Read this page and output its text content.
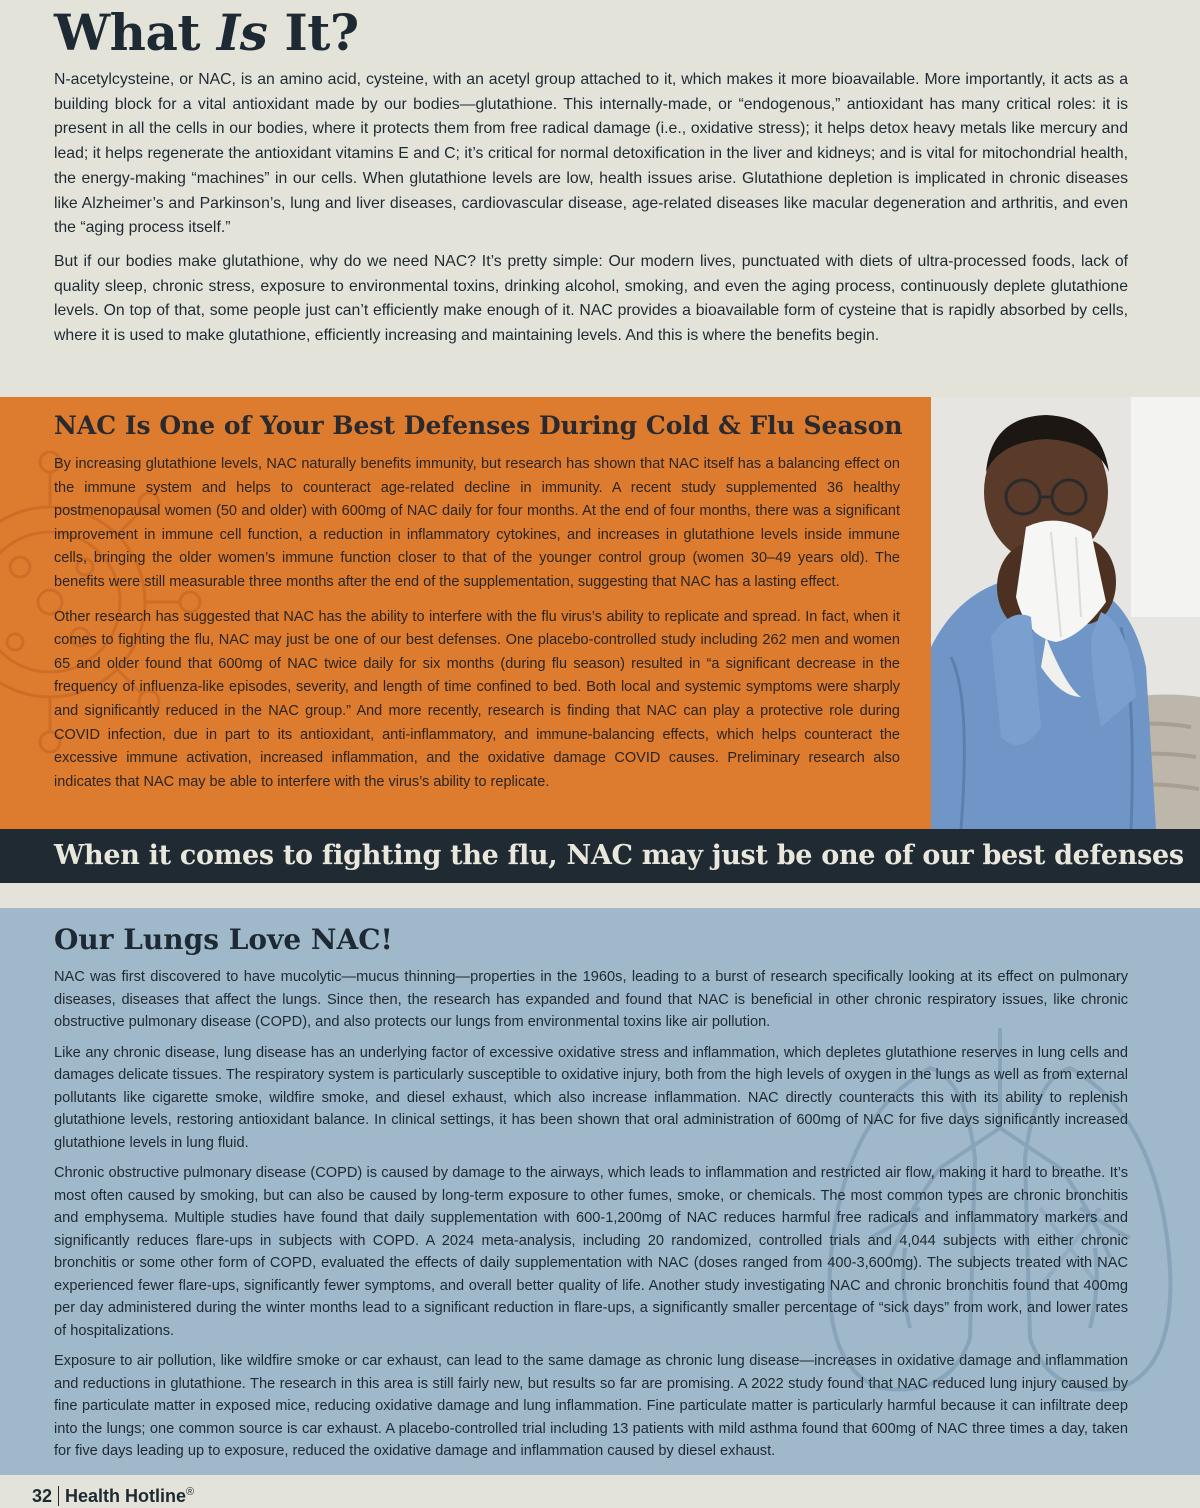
What Is It?

N-acetylcysteine, or NAC, is an amino acid, cysteine, with an acetyl group attached to it, which makes it more bioavailable. More importantly, it acts as a building block for a vital antioxidant made by our bodies—glutathione. This internally-made, or “endogenous,” antioxidant has many critical roles: it is present in all the cells in our bodies, where it protects them from free radical damage (i.e., oxidative stress); it helps detox heavy metals like mercury and lead; it helps regenerate the antioxidant vitamins E and C; it’s critical for normal detoxification in the liver and kidneys; and is vital for mitochondrial health, the energy-making “machines” in our cells. When glutathione levels are low, health issues arise. Glutathione depletion is implicated in chronic diseases like Alzheimer’s and Parkinson’s, lung and liver diseases, cardiovascular disease, age-related diseases like macular degeneration and arthritis, and even the “aging process itself.”

But if our bodies make glutathione, why do we need NAC? It’s pretty simple: Our modern lives, punctuated with diets of ultra-processed foods, lack of quality sleep, chronic stress, exposure to environmental toxins, drinking alcohol, smoking, and even the aging process, continuously deplete glutathione levels. On top of that, some people just can’t efficiently make enough of it. NAC provides a bioavailable form of cysteine that is rapidly absorbed by cells, where it is used to make glutathione, efficiently increasing and maintaining levels. And this is where the benefits begin.

NAC Is One of Your Best Defenses During Cold & Flu Season

By increasing glutathione levels, NAC naturally benefits immunity, but research has shown that NAC itself has a balancing effect on the immune system and helps to counteract age-related decline in immunity. A recent study supplemented 36 healthy postmenopausal women (50 and older) with 600mg of NAC daily for four months. At the end of four months, there was a significant improvement in immune cell function, a reduction in inflammatory cytokines, and increases in glutathione levels inside immune cells, bringing the older women’s immune function closer to that of the younger control group (women 30–49 years old). The benefits were still measurable three months after the end of the supplementation, suggesting that NAC has a lasting effect.

Other research has suggested that NAC has the ability to interfere with the flu virus’s ability to replicate and spread. In fact, when it comes to fighting the flu, NAC may just be one of our best defenses. One placebo-controlled study including 262 men and women 65 and older found that 600mg of NAC twice daily for six months (during flu season) resulted in “a significant decrease in the frequency of influenza-like episodes, severity, and length of time confined to bed. Both local and systemic symptoms were sharply and significantly reduced in the NAC group.” And more recently, research is finding that NAC can play a protective role during COVID infection, due in part to its antioxidant, anti-inflammatory, and immune-balancing effects, which helps counteract the excessive immune activation, increased inflammation, and the oxidative damage COVID causes. Preliminary research also indicates that NAC may be able to interfere with the virus’s ability to replicate.

When it comes to fighting the flu, NAC may just be one of our best defenses
Our Lungs Love NAC!

NAC was first discovered to have mucolytic—mucus thinning—properties in the 1960s, leading to a burst of research specifically looking at its effect on pulmonary diseases, diseases that affect the lungs. Since then, the research has expanded and found that NAC is beneficial in other chronic respiratory issues, like chronic obstructive pulmonary disease (COPD), and also protects our lungs from environmental toxins like air pollution.

Like any chronic disease, lung disease has an underlying factor of excessive oxidative stress and inflammation, which depletes glutathione reserves in lung cells and damages delicate tissues. The respiratory system is particularly susceptible to oxidative injury, both from the high levels of oxygen in the lungs as well as from external pollutants like cigarette smoke, wildfire smoke, and diesel exhaust, which also increase inflammation. NAC directly counteracts this with its ability to replenish glutathione levels, restoring antioxidant balance. In clinical settings, it has been shown that oral administration of 600mg of NAC for five days significantly increased glutathione levels in lung fluid.

Chronic obstructive pulmonary disease (COPD) is caused by damage to the airways, which leads to inflammation and restricted air flow, making it hard to breathe. It’s most often caused by smoking, but can also be caused by long-term exposure to other fumes, smoke, or chemicals. The most common types are chronic bronchitis and emphysema. Multiple studies have found that daily supplementation with 600-1,200mg of NAC reduces harmful free radicals and inflammatory markers and significantly reduces flare-ups in subjects with COPD. A 2024 meta-analysis, including 20 randomized, controlled trials and 4,044 subjects with either chronic bronchitis or some other form of COPD, evaluated the effects of daily supplementation with NAC (doses ranged from 400-3,600mg). The subjects treated with NAC experienced fewer flare-ups, significantly fewer symptoms, and overall better quality of life. Another study investigating NAC and chronic bronchitis found that 400mg per day administered during the winter months lead to a significant reduction in flare-ups, a significantly smaller percentage of “sick days” from work, and lower rates of hospitalizations.

Exposure to air pollution, like wildfire smoke or car exhaust, can lead to the same damage as chronic lung disease—increases in oxidative damage and inflammation and reductions in glutathione. The research in this area is still fairly new, but results so far are promising. A 2022 study found that NAC reduced lung injury caused by fine particulate matter in exposed mice, reducing oxidative damage and lung inflammation. Fine particulate matter is particularly harmful because it can infiltrate deep into the lungs; one common source is car exhaust. A placebo-controlled trial including 13 patients with mild asthma found that 600mg of NAC three times a day, taken for five days leading up to exposure, reduced the oxidative damage and inflammation caused by diesel exhaust.

32 Health Hotline®
